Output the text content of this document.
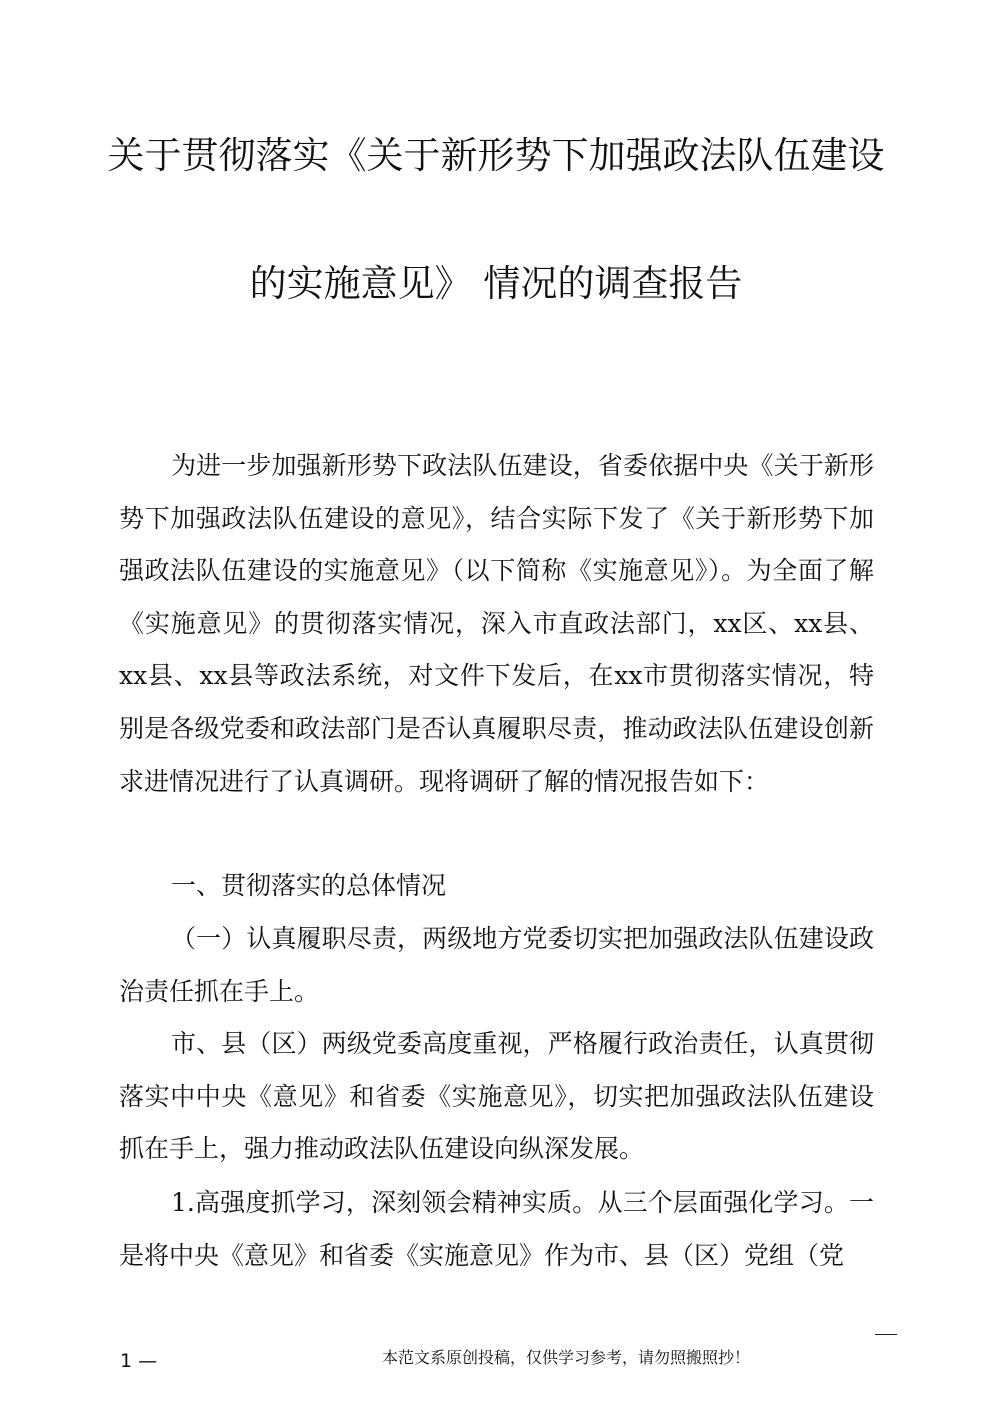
关于贯彻落实《关于新形势下加强政法队伍建设
的实施意见》 情况的调查报告

为进一步加强新形势下政法队伍建设，省委依据中央《关于新形势下加强政法队伍建设的意见》，结合实际下发了《关于新形势下加强政法队伍建设的实施意见》（以下简称《实施意见》）。为全面了解《实施意见》的贯彻落实情况，深入市直政法部门，xx区、xx县、xx县、xx县等政法系统，对文件下发后，在xx市贯彻落实情况，特别是各级党委和政法部门是否认真履职尽责，推动政法队伍建设创新求进情况进行了认真调研。现将调研了解的情况报告如下：

一、贯彻落实的总体情况

（一）认真履职尽责，两级地方党委切实把加强政法队伍建设政治责任抓在手上。

市、县（区）两级党委高度重视，严格履行政治责任，认真贯彻落实中中央《意见》和省委《实施意见》，切实把加强政法队伍建设抓在手上，强力推动政法队伍建设向纵深发展。

1.高强度抓学习，深刻领会精神实质。从三个层面强化学习。一是将中央《意见》和省委《实施意见》作为市、县（区）党组（党

1 —	本范文系原创投稿，仅供学习参考，请勿照搬照抄！
